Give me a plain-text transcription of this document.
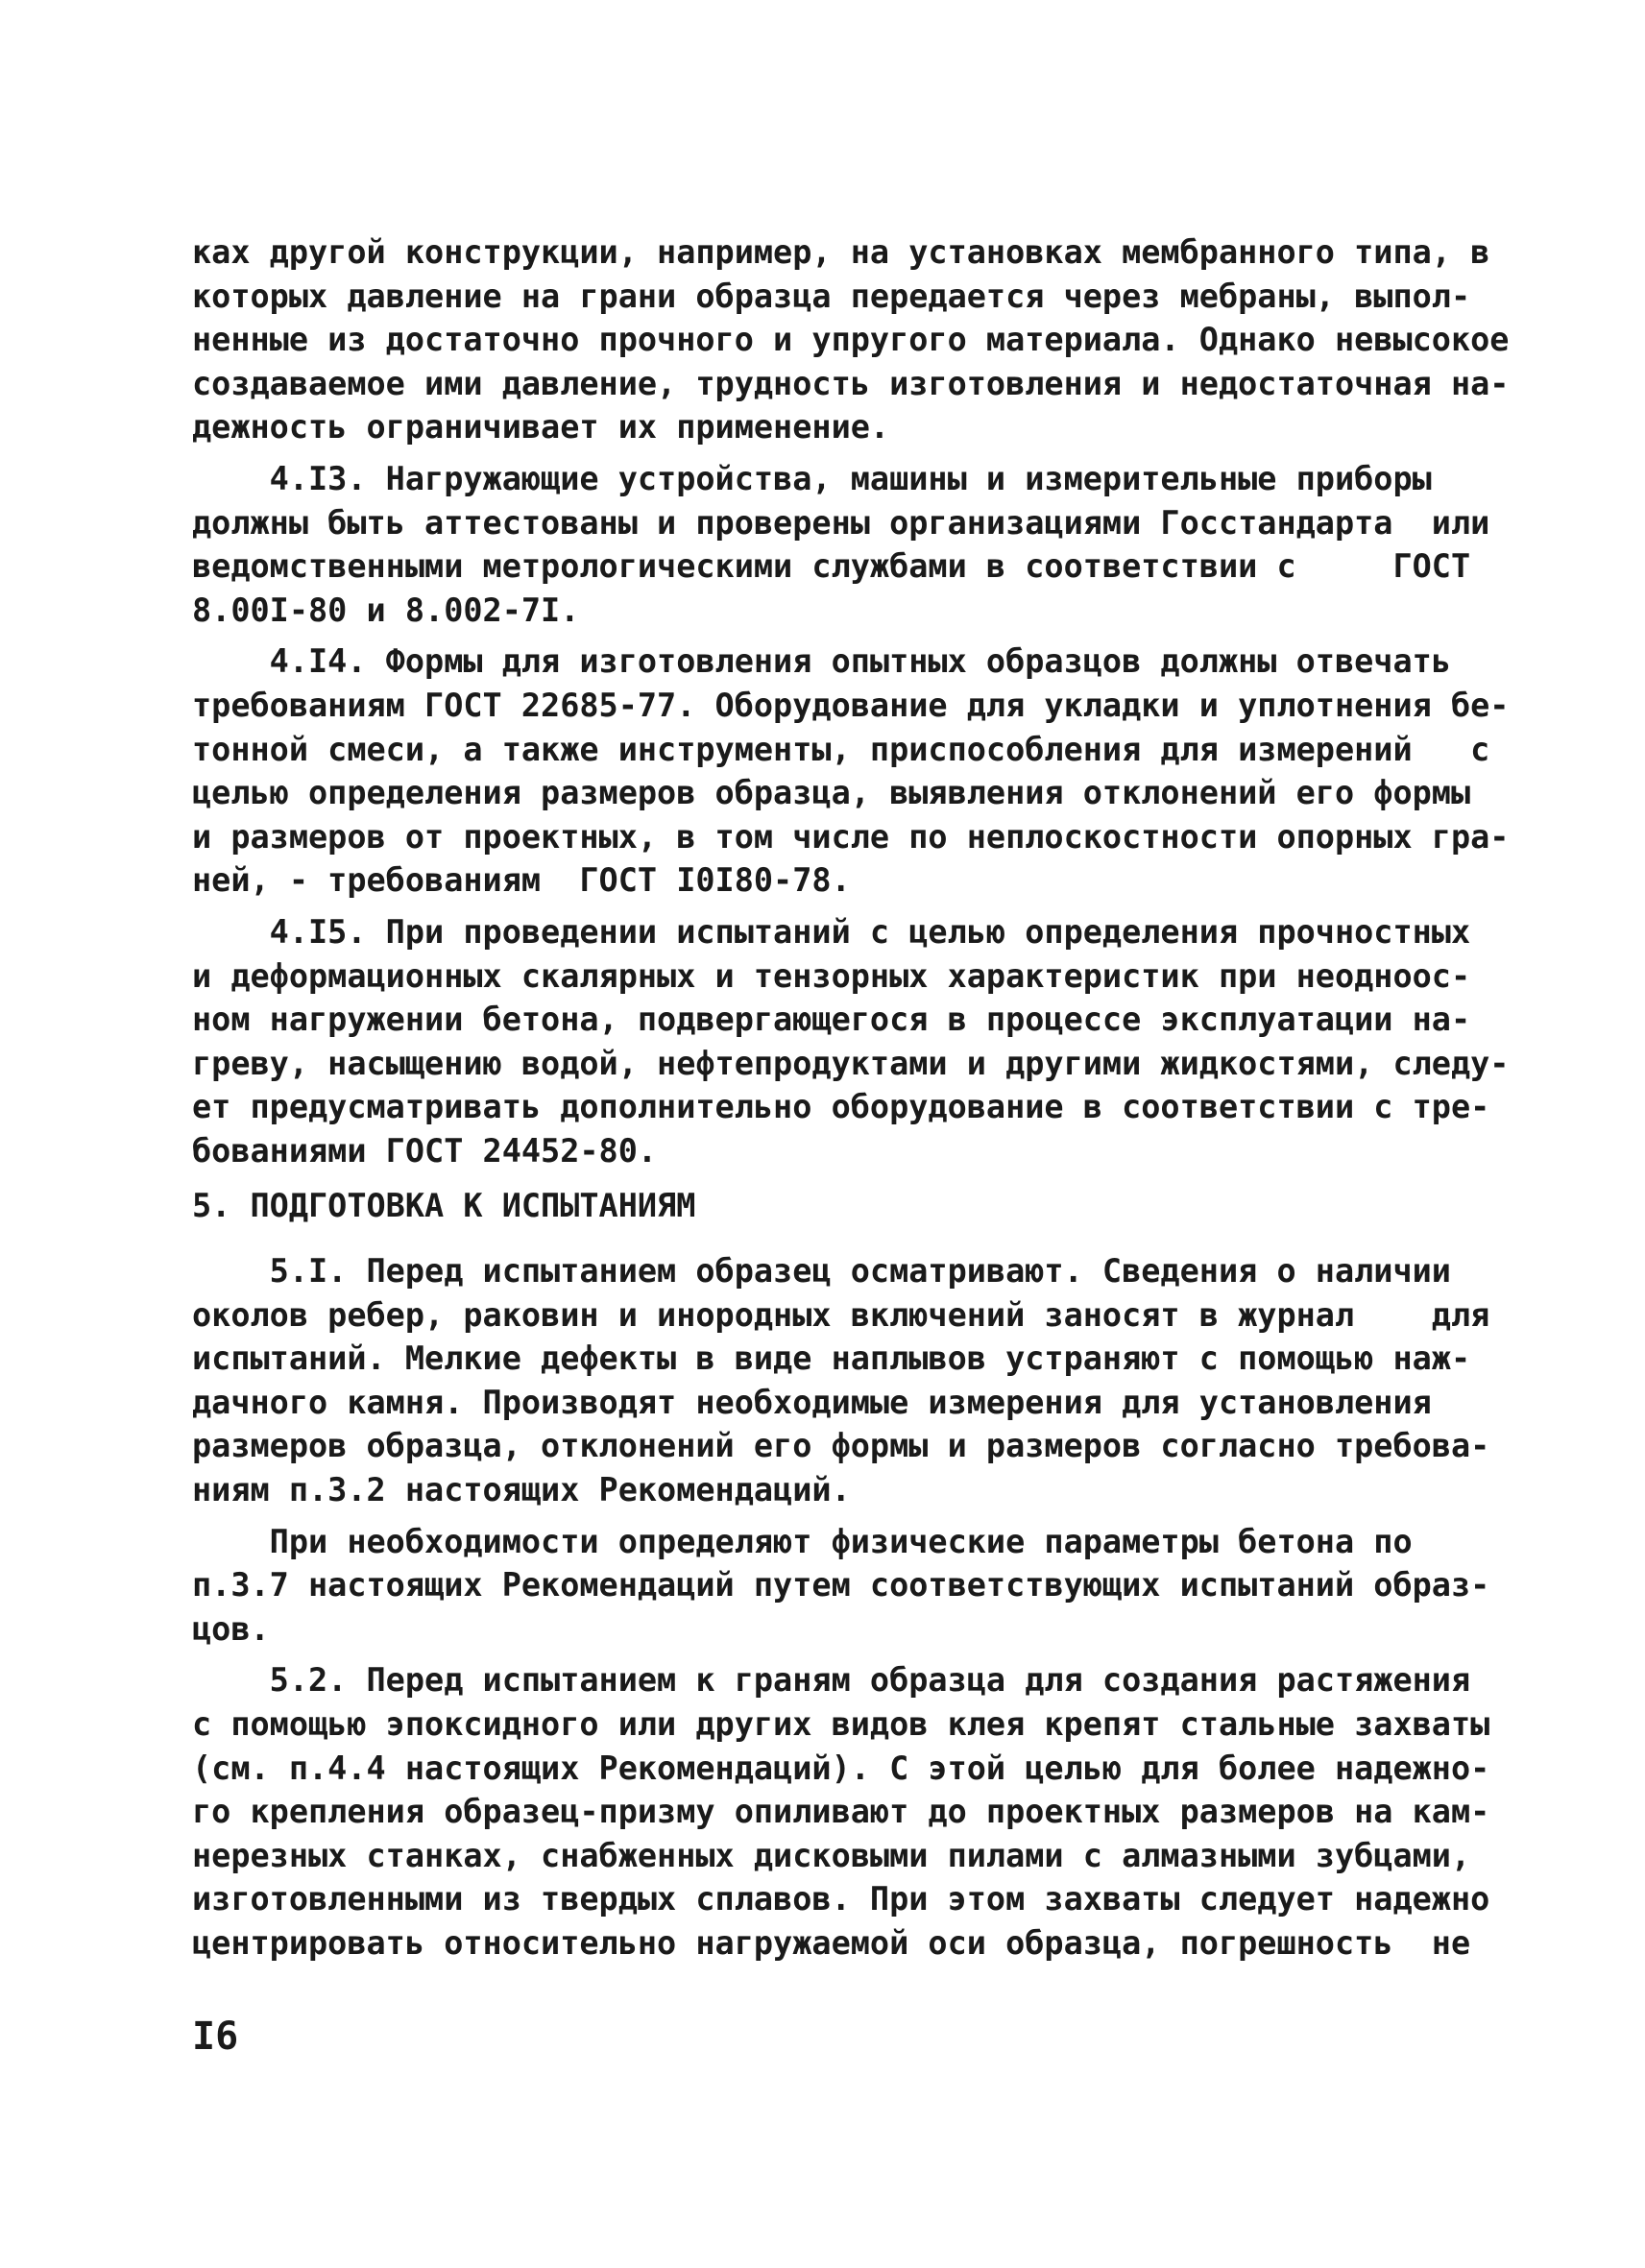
ках другой конструкции, например, на установках мембранного типа, в
которых давление на грани образца передается через мебраны, выпол-
ненные из достаточно прочного и упругого материала. Однако невысокое
создаваемое ими давление, трудность изготовления и недостаточная на-
дежность ограничивает их применение.
4.I3. Нагружающие устройства, машины и измерительные приборы
должны быть аттестованы и проверены организациями Госстандарта  или
ведомственными метрологическими службами в соответствии с     ГОСТ
8.00I-80 и 8.002-7I.
4.I4. Формы для изготовления опытных образцов должны отвечать
требованиям ГОСТ 22685-77. Оборудование для укладки и уплотнения бе-
тонной смеси, а также инструменты, приспособления для измерений   с
целью определения размеров образца, выявления отклонений его формы
и размеров от проектных, в том числе по неплоскостности опорных гра-
ней, - требованиям  ГОСТ I0I80-78.
4.I5. При проведении испытаний с целью определения прочностных
и деформационных скалярных и тензорных характеристик при неодноос-
ном нагружении бетона, подвергающегося в процессе эксплуатации на-
греву, насыщению водой, нефтепродуктами и другими жидкостями, следу-
ет предусматривать дополнительно оборудование в соответствии с тре-
бованиями ГОСТ 24452-80.
5. ПОДГОТОВКА К ИСПЫТАНИЯМ
5.I. Перед испытанием образец осматривают. Сведения о наличии
околов ребер, раковин и инородных включений заносят в журнал    для
испытаний. Мелкие дефекты в виде наплывов устраняют с помощью наж-
дачного камня. Производят необходимые измерения для установления
размеров образца, отклонений его формы и размеров согласно требова-
ниям п.3.2 настоящих Рекомендаций.
При необходимости определяют физические параметры бетона по
п.3.7 настоящих Рекомендаций путем соответствующих испытаний образ-
цов.
5.2. Перед испытанием к граням образца для создания растяжения
с помощью эпоксидного или других видов клея крепят стальные захваты
(см. п.4.4 настоящих Рекомендаций). С этой целью для более надежно-
го крепления образец-призму опиливают до проектных размеров на кам-
нерезных станках, снабженных дисковыми пилами с алмазными зубцами,
изготовленными из твердых сплавов. При этом захваты следует надежно
центрировать относительно нагружаемой оси образца, погрешность  не
I6
